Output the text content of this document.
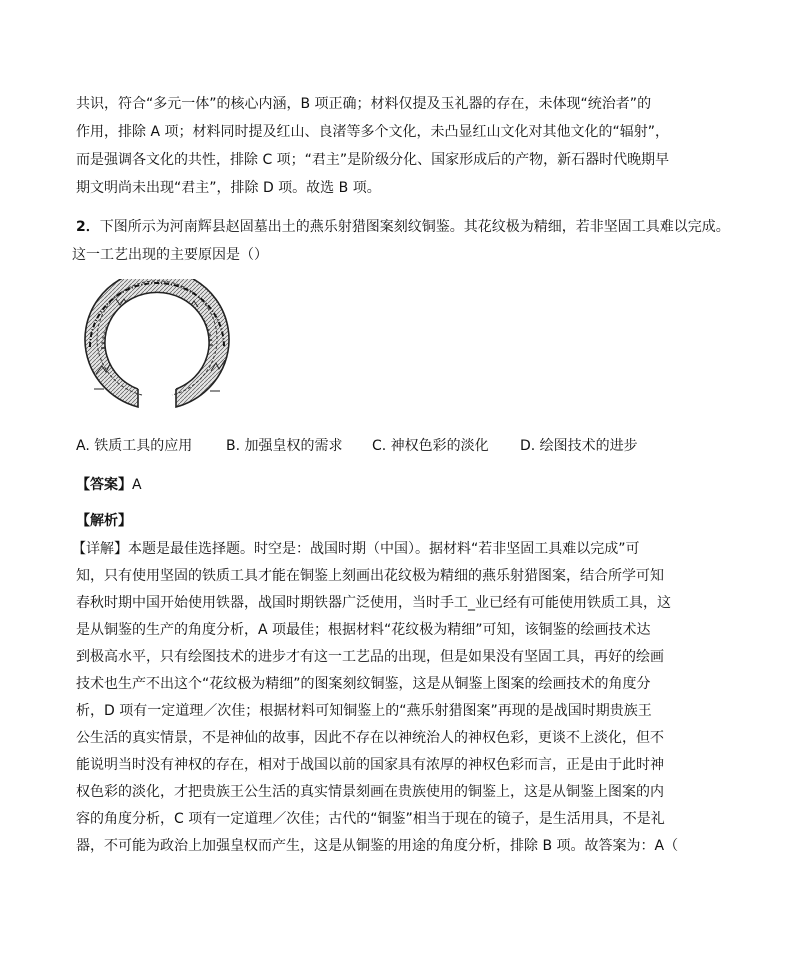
共识，符合“多元一体”的核心内涵，B 项正确；材料仅提及玉礼器的存在，未体现“统治者”的
作用，排除 A 项；材料同时提及红山、良渚等多个文化，未凸显红山文化对其他文化的“辐射”，
而是强调各文化的共性，排除 C 项；“君主”是阶级分化、国家形成后的产物，新石器时代晚期早
期文明尚未出现“君主”，排除 D 项。故选 B 项。
2．下图所示为河南辉县赵固墓出土的燕乐射猎图案刻纹铜鉴。其花纹极为精细，若非坚固工具难以完成。
这一工艺出现的主要原因是（）
A. 铁质工具的应用 B. 加强皇权的需求 C. 神权色彩的淡化 D. 绘图技术的进步
【答案】A
【解析】
【详解】本题是最佳选择题。时空是：战国时期（中国）。据材料“若非坚固工具难以完成”可
知，只有使用坚固的铁质工具才能在铜鉴上刻画出花纹极为精细的燕乐射猎图案，结合所学可知
春秋时期中国开始使用铁器，战国时期铁器广泛使用，当时手工_业已经有可能使用铁质工具，这
是从铜鉴的生产的角度分析，A 项最佳；根据材料“花纹极为精细”可知，该铜鉴的绘画技术达
到极高水平，只有绘图技术的进步才有这一工艺品的出现，但是如果没有坚固工具，再好的绘画
技术也生产不出这个“花纹极为精细”的图案刻纹铜鉴，这是从铜鉴上图案的绘画技术的角度分
析，D 项有一定道理／次佳；根据材料可知铜鉴上的“燕乐射猎图案”再现的是战国时期贵族王
公生活的真实情景，不是神仙的故事，因此不存在以神统治人的神权色彩，更谈不上淡化，但不
能说明当时没有神权的存在，相对于战国以前的国家具有浓厚的神权色彩而言，正是由于此时神
权色彩的淡化，才把贵族王公生活的真实情景刻画在贵族使用的铜鉴上，这是从铜鉴上图案的内
容的角度分析，C 项有一定道理／次佳；古代的“铜鉴”相当于现在的镜子，是生活用具，不是礼
器，不可能为政治上加强皇权而产生，这是从铜鉴的用途的角度分析，排除 B 项。故答案为：A（
